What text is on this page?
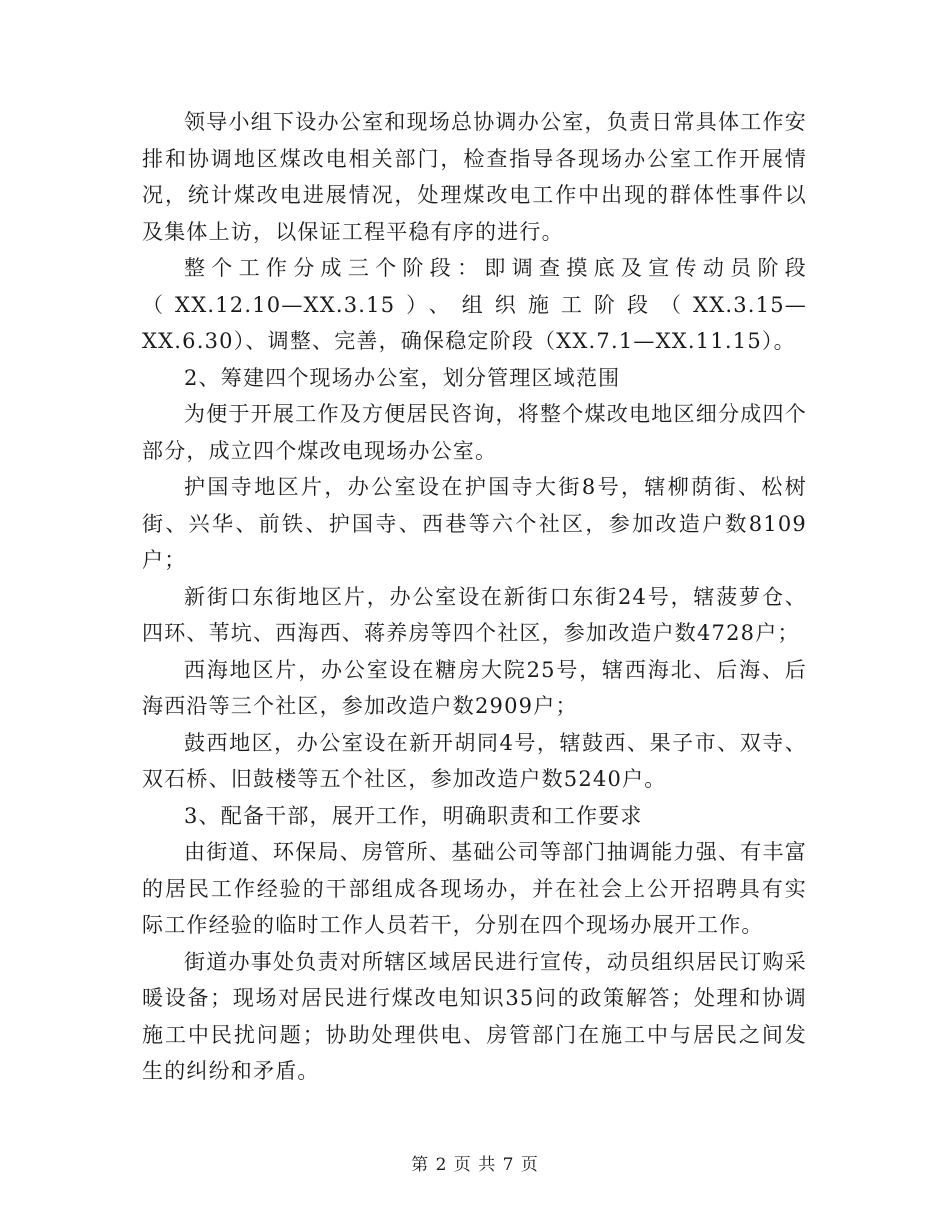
领导小组下设办公室和现场总协调办公室，负责日常具体工作安排和协调地区煤改电相关部门，检查指导各现场办公室工作开展情况，统计煤改电进展情况，处理煤改电工作中出现的群体性事件以及集体上访，以保证工程平稳有序的进行。

整个工作分成三个阶段：即调查摸底及宣传动员阶段（XX.12.10—XX.3.15）、组织施工阶段（XX.3.15—XX.6.30）、调整、完善，确保稳定阶段（XX.7.1—XX.11.15）。

2、筹建四个现场办公室，划分管理区域范围

为便于开展工作及方便居民咨询，将整个煤改电地区细分成四个部分，成立四个煤改电现场办公室。

护国寺地区片，办公室设在护国寺大街8号，辖柳荫街、松树街、兴华、前铁、护国寺、西巷等六个社区，参加改造户数8109户；

新街口东街地区片，办公室设在新街口东街24号，辖菠萝仓、四环、苇坑、西海西、蒋养房等四个社区，参加改造户数4728户；

西海地区片，办公室设在糖房大院25号，辖西海北、后海、后海西沿等三个社区，参加改造户数2909户；

鼓西地区，办公室设在新开胡同4号，辖鼓西、果子市、双寺、双石桥、旧鼓楼等五个社区，参加改造户数5240户。

3、配备干部，展开工作，明确职责和工作要求

由街道、环保局、房管所、基础公司等部门抽调能力强、有丰富的居民工作经验的干部组成各现场办，并在社会上公开招聘具有实际工作经验的临时工作人员若干，分别在四个现场办展开工作。

街道办事处负责对所辖区域居民进行宣传，动员组织居民订购采暖设备；现场对居民进行煤改电知识35问的政策解答；处理和协调施工中民扰问题；协助处理供电、房管部门在施工中与居民之间发生的纠纷和矛盾。

第 2 页 共 7 页
